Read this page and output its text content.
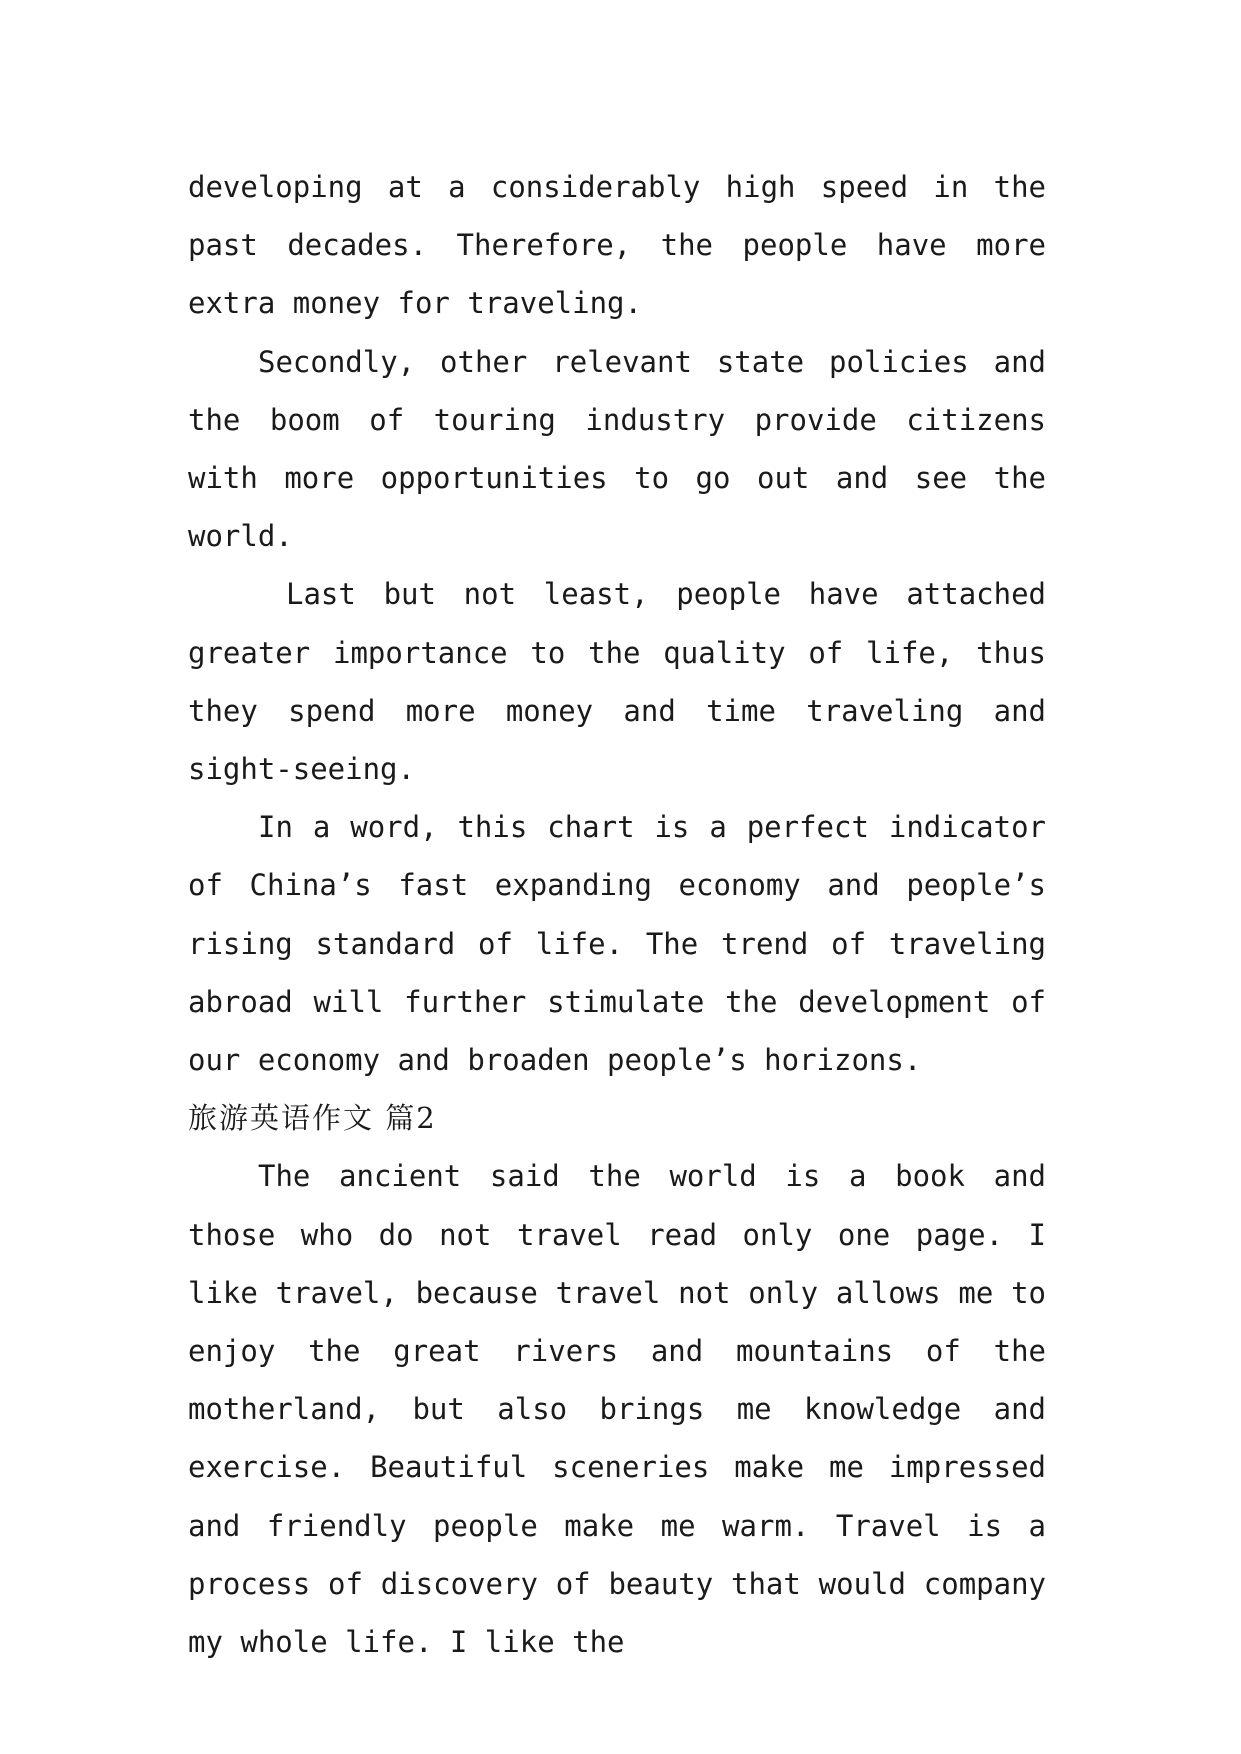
developing at a considerably high speed in the past decades. Therefore, the people have more extra money for traveling.

Secondly, other relevant state policies and the boom of touring industry provide citizens with more opportunities to go out and see the world.

Last but not least, people have attached greater importance to the quality of life, thus they spend more money and time traveling and sight-seeing.

In a word, this chart is a perfect indicator of China’s fast expanding economy and people’s rising standard of life. The trend of traveling abroad will further stimulate the development of our economy and broaden people’s horizons.

旅游英语作文 篇2

The ancient said the world is a book and those who do not travel read only one page. I like travel, because travel not only allows me to enjoy the great rivers and mountains of the motherland, but also brings me knowledge and exercise. Beautiful sceneries make me impressed and friendly people make me warm. Travel is a process of discovery of beauty that would company my whole life. I like the
